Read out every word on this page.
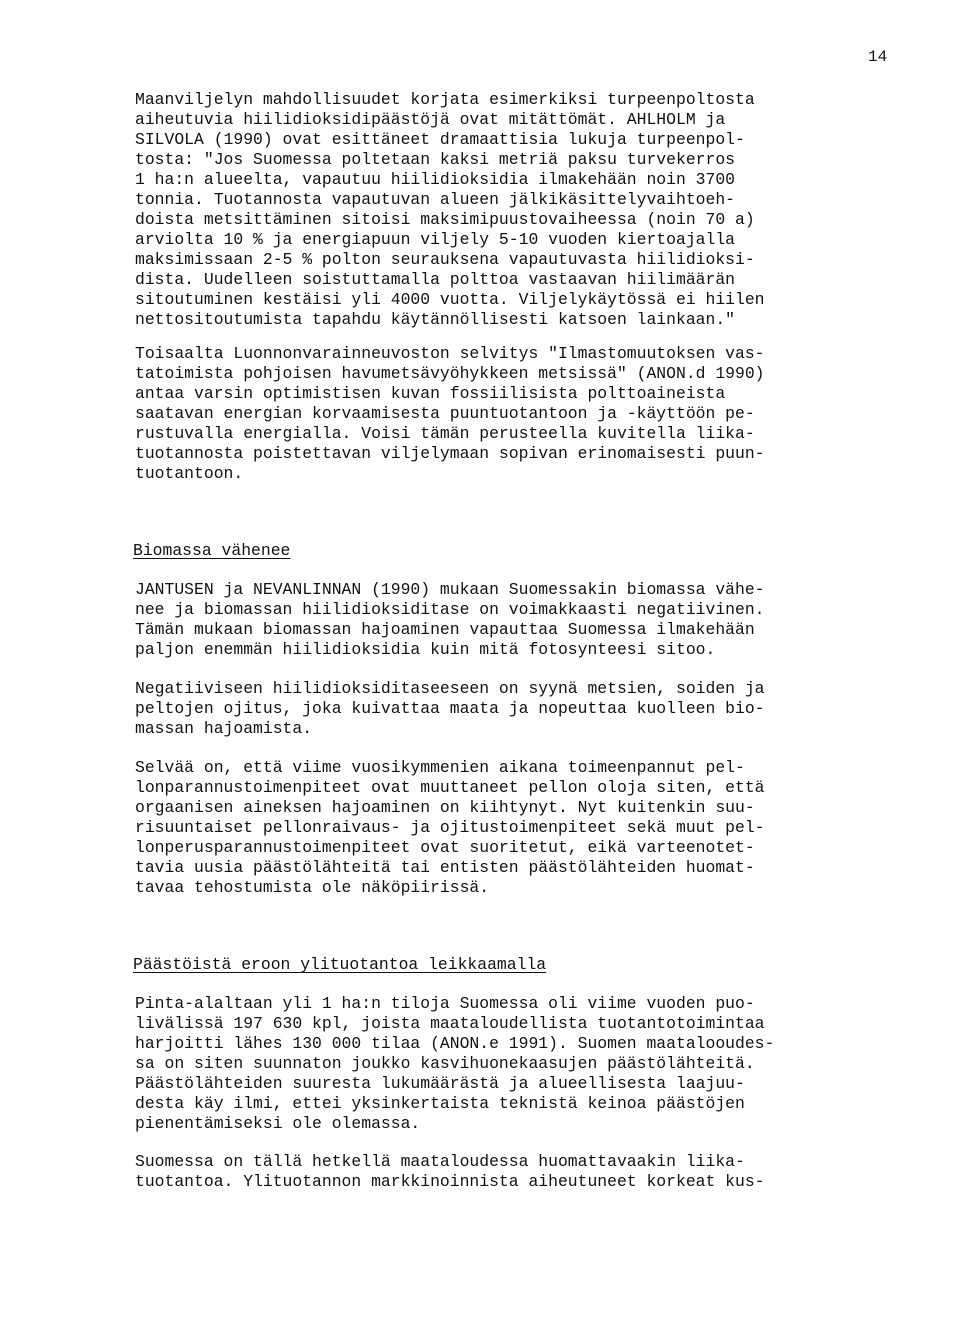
14

Maanviljelyn mahdollisuudet korjata esimerkiksi turpeenpoltosta

aiheutuvia hiilidioksidipäästöjä ovat mitättömät. AHLHOLM ja

SILVOLA (1990) ovat esittäneet dramaattisia lukuja turpeenpol-

tosta: "Jos Suomessa poltetaan kaksi metriä paksu turvekerros

1 ha:n alueelta, vapautuu hiilidioksidia ilmakehään noin 3700

tonnia. Tuotannosta vapautuvan alueen jälkikäsittelyvaihtoeh-

doista metsittäminen sitoisi maksimipuustovaiheessa (noin 70 a)

arviolta 10 % ja energiapuun viljely 5-10 vuoden kiertoajalla

maksimissaan 2-5 % polton seurauksena vapautuvasta hiilidioksi-

dista. Uudelleen soistuttamalla polttoa vastaavan hiilimäärän

sitoutuminen kestäisi yli 4000 vuotta. Viljelykäytössä ei hiilen

nettositoutumista tapahdu käytännöllisesti katsoen lainkaan."

Toisaalta Luonnonvarainneuvoston selvitys "Ilmastomuutoksen vas-

tatoimista pohjoisen havumetsävyöhykkeen metsissä" (ANON.d 1990)

antaa varsin optimistisen kuvan fossiilisista polttoaineista

saatavan energian korvaamisesta puuntuotantoon ja -käyttöön pe-

rustuvalla energialla. Voisi tämän perusteella kuvitella liika-

tuotannosta poistettavan viljelymaan sopivan erinomaisesti puun-

tuotantoon.

Biomassa vähenee

JANTUSEN ja NEVANLINNAN (1990) mukaan Suomessakin biomassa vähe-

nee ja biomassan hiilidioksiditase on voimakkaasti negatiivinen.

Tämän mukaan biomassan hajoaminen vapauttaa Suomessa ilmakehään

paljon enemmän hiilidioksidia kuin mitä fotosynteesi sitoo.

Negatiiviseen hiilidioksiditaseeseen on syynä metsien, soiden ja

peltojen ojitus, joka kuivattaa maata ja nopeuttaa kuolleen bio-

massan hajoamista.

Selvää on, että viime vuosikymmenien aikana toimeenpannut pel-

lonparannustoimenpiteet ovat muuttaneet pellon oloja siten, että

orgaanisen aineksen hajoaminen on kiihtynyt. Nyt kuitenkin suu-

risuuntaiset pellonraivaus- ja ojitustoimenpiteet sekä muut pel-

lonperusparannustoimenpiteet ovat suoritetut, eikä varteenotet-

tavia uusia päästölähteitä tai entisten päästölähteiden huomat-

tavaa tehostumista ole näköpiirissä.

Päästöistä eroon ylituotantoa leikkaamalla

Pinta-alaltaan yli 1 ha:n tiloja Suomessa oli viime vuoden puo-

livälissä 197 630 kpl, joista maataloudellista tuotantotoimintaa

harjoitti lähes 130 000 tilaa (ANON.e 1991). Suomen maatalooudes-

sa on siten suunnaton joukko kasvihuonekaasujen päästölähteitä.

Päästölähteiden suuresta lukumäärästä ja alueellisesta laajuu-

desta käy ilmi, ettei yksinkertaista teknistä keinoa päästöjen

pienentämiseksi ole olemassa.

Suomessa on tällä hetkellä maataloudessa huomattavaakin liika-

tuotantoa. Ylituotannon markkinoinnista aiheutuneet korkeat kus-
